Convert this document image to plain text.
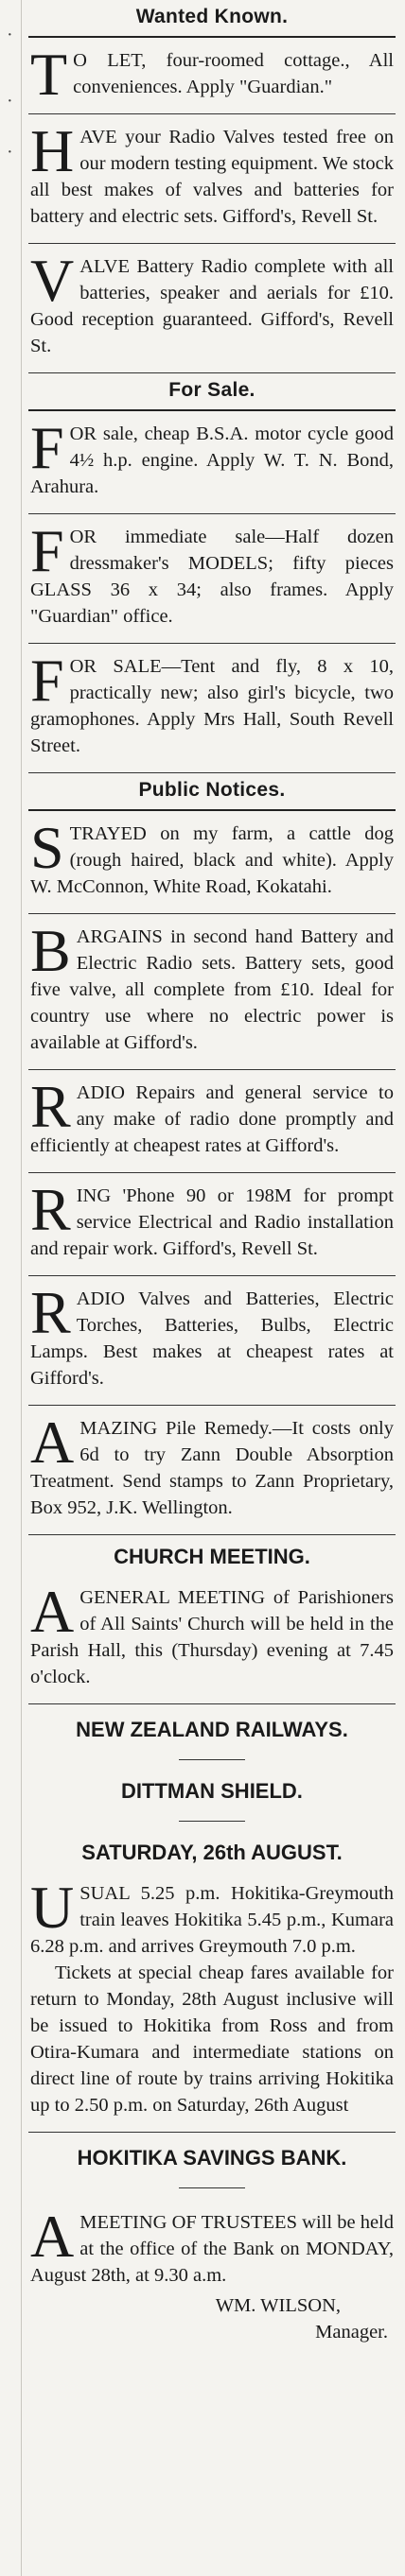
·
·
·
Wanted Known.
T O LET, four-roomed cottage., All conveniences. Apply "Guardian."
HAVE your Radio Valves tested free on our modern testing equipment. We stock all best makes of valves and batteries for battery and electric sets. Gifford's, Revell St.
VALVE Battery Radio complete with all batteries, speaker and aerials for £10. Good reception guaranteed. Gifford's, Revell St.
For Sale.
FOR sale, cheap B.S.A. motor cycle good 4½ h.p. engine. Apply W. T. N. Bond, Arahura.
FOR immediate sale—Half dozen dressmaker's MODELS; fifty pieces GLASS 36 x 34; also frames. Apply "Guardian" office.
FOR SALE—Tent and fly, 8 x 10, practically new; also girl's bicycle, two gramophones. Apply Mrs Hall, South Revell Street.
Public Notices.
STRAYED on my farm, a cattle dog (rough haired, black and white). Apply W. McConnon, White Road, Kokatahi.
BARGAINS in second hand Battery and Electric Radio sets. Battery sets, good five valve, all complete from £10. Ideal for country use where no electric power is available at Gifford's.
RADIO Repairs and general service to any make of radio done promptly and efficiently at cheapest rates at Gifford's.
RING 'Phone 90 or 198M for prompt service Electrical and Radio installation and repair work. Gifford's, Revell St.
RADIO Valves and Batteries, Electric Torches, Batteries, Bulbs, Electric Lamps. Best makes at cheapest rates at Gifford's.
AMAZING Pile Remedy.—It costs only 6d to try Zann Double Absorption Treatment. Send stamps to Zann Proprietary, Box 952, J.K. Wellington.
CHURCH MEETING.
A GENERAL MEETING of Parishioners of All Saints' Church will be held in the Parish Hall, this (Thursday) evening at 7.45 o'clock.
NEW ZEALAND RAILWAYS.
DITTMAN SHIELD.
SATURDAY, 26th AUGUST.
U SUAL 5.25 p.m. Hokitika-Greymouth train leaves Hokitika 5.45 p.m., Kumara 6.28 p.m. and arrives Greymouth 7.0 p.m.
Tickets at special cheap fares available for return to Monday, 28th August inclusive will be issued to Hokitika from Ross and from Otira-Kumara and intermediate stations on direct line of route by trains arriving Hokitika up to 2.50 p.m. on Saturday, 26th August
HOKITIKA SAVINGS BANK.
A MEETING OF TRUSTEES will be held at the office of the Bank on MONDAY, August 28th, at 9.30 a.m.
WM. WILSON,
Manager.
